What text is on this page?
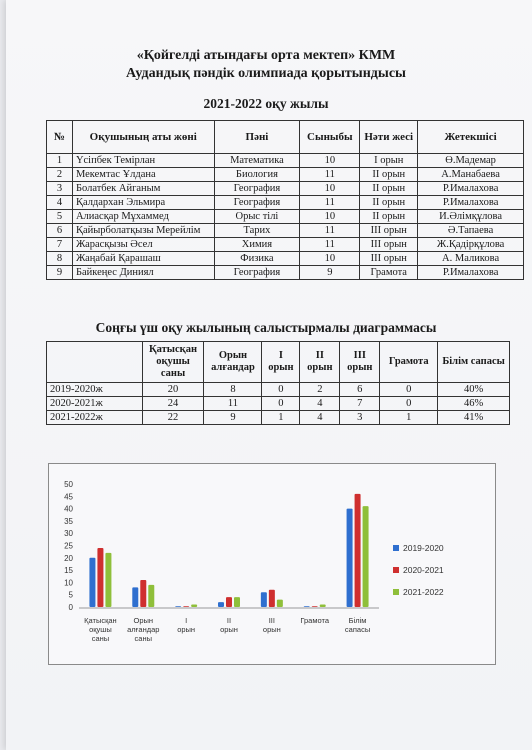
«Қойгелді атындағы орта мектеп» КММ
Аудандық пәндік олимпиада қорытындысы
2021-2022 оқу жылы
№	Оқушының аты жөні	Пәні	Сыныбы	Нәти жесі	Жетекшісі
1	Үсіпбек Темірлан	Математика	10	I орын	Ө.Мадемар
2	Мекемтас Ұлдана	Биология	11	II орын	А.Манабаева
3	Болатбек Айганым	География	10	II орын	Р.Ималахова
4	Қалдархан Эльмира	География	11	II орын	Р.Ималахова
5	Алиасқар Мұхаммед	Орыс тілі	10	II орын	И.Әлімқұлова
6	Қайырболатқызы Мерейлім	Тарих	11	III орын	Ә.Тапаева
7	Жарасқызы Әсел	Химия	11	III орын	Ж.Қадірқұлова
8	Жаңабай Қарашаш	Физика	10	III орын	А. Маликова
9	Байкеңес Диниял	География	9	Грамота	Р.Ималахова
Соңғы үш оқу жылының салыстырмалы диаграммасы
	Қатысқан оқушы саны	Орын алғандар	I орын	II орын	III орын	Грамота	Білім сапасы
2019-2020ж	20	8	0	2	6	0	40%
2020-2021ж	24	11	0	4	7	0	46%
2021-2022ж	22	9	1	4	3	1	41%
0
5
10
15
20
25
30
35
40
45
50
Қатысқан оқушы саны
Орын алғандар саны
I орын
II орын
III орын
Грамота	Білім сапасы
2019-2020
2020-2021
2021-2022
